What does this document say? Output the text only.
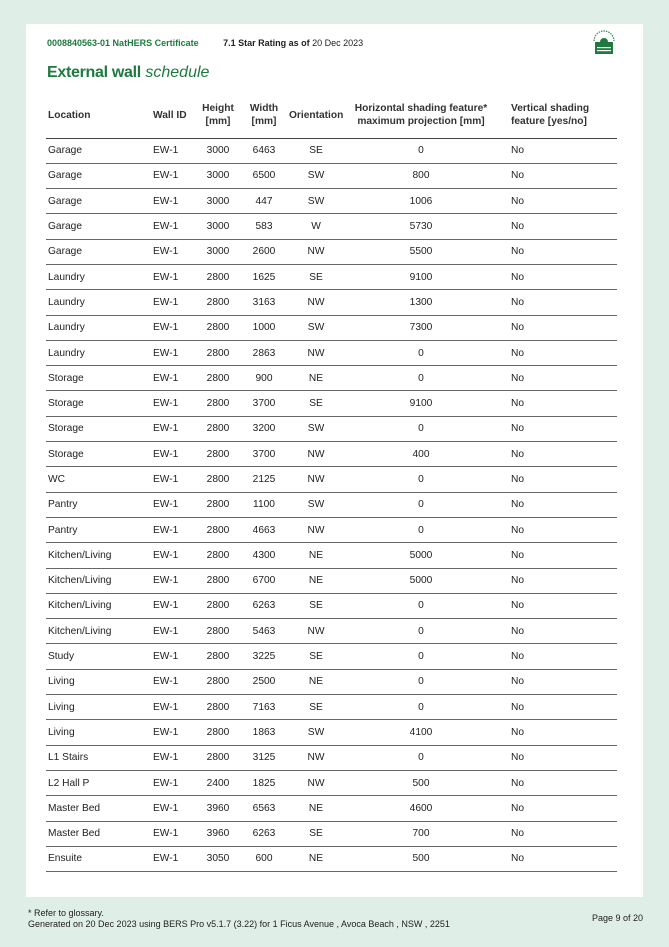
0008840563-01 NatHERS Certificate	7.1 Star Rating as of 20 Dec 2023
External wall schedule
Location	Wall ID	Height [mm]	Width [mm]	Orientation	Horizontal shading feature* maximum projection [mm]	Vertical shading feature [yes/no]
Garage	EW-1	3000	6463	SE	0	No
Garage	EW-1	3000	6500	SW	800	No
Garage	EW-1	3000	447	SW	1006	No
Garage	EW-1	3000	583	W	5730	No
Garage	EW-1	3000	2600	NW	5500	No
Laundry	EW-1	2800	1625	SE	9100	No
Laundry	EW-1	2800	3163	NW	1300	No
Laundry	EW-1	2800	1000	SW	7300	No
Laundry	EW-1	2800	2863	NW	0	No
Storage	EW-1	2800	900	NE	0	No
Storage	EW-1	2800	3700	SE	9100	No
Storage	EW-1	2800	3200	SW	0	No
Storage	EW-1	2800	3700	NW	400	No
WC	EW-1	2800	2125	NW	0	No
Pantry	EW-1	2800	1100	SW	0	No
Pantry	EW-1	2800	4663	NW	0	No
Kitchen/Living	EW-1	2800	4300	NE	5000	No
Kitchen/Living	EW-1	2800	6700	NE	5000	No
Kitchen/Living	EW-1	2800	6263	SE	0	No
Kitchen/Living	EW-1	2800	5463	NW	0	No
Study	EW-1	2800	3225	SE	0	No
Living	EW-1	2800	2500	NE	0	No
Living	EW-1	2800	7163	SE	0	No
Living	EW-1	2800	1863	SW	4100	No
L1 Stairs	EW-1	2800	3125	NW	0	No
L2 Hall P	EW-1	2400	1825	NW	500	No
Master Bed	EW-1	3960	6563	NE	4600	No
Master Bed	EW-1	3960	6263	SE	700	No
Ensuite	EW-1	3050	600	NE	500	No
* Refer to glossary.
Generated on 20 Dec 2023 using BERS Pro v5.1.7 (3.22) for 1 Ficus Avenue , Avoca Beach , NSW , 2251
Page 9 of 20
